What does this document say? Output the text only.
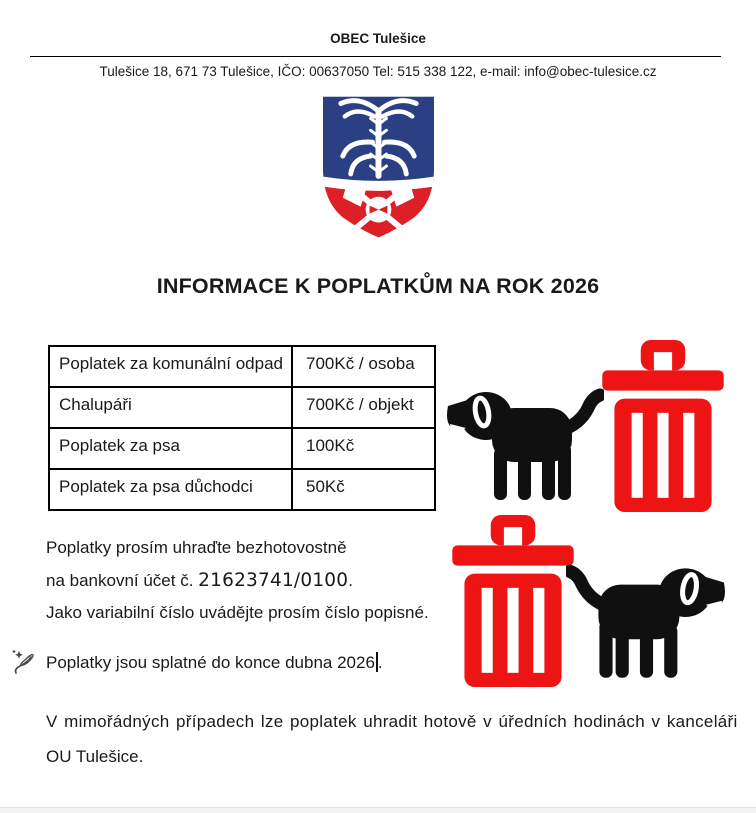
OBEC Tulešice
Tulešice 18, 671 73 Tulešice, IČO: 00637050 Tel: 515 338 122, e-mail: info@obec-tulesice.cz
INFORMACE K POPLATKŮM NA ROK 2026
Poplatek za komunální odpad	700Kč / osoba
Chalupáři	700Kč / objekt
Poplatek za psa	100Kč
Poplatek za psa důchodci	50Kč
Poplatky prosím uhraďte bezhotovostně
na bankovní účet č. 21623741/0100.
Jako variabilní číslo uvádějte prosím číslo popisné.
Poplatky jsou splatné do konce dubna 2026 .
V mimořádných případech lze poplatek uhradit hotově v úředních hodinách v kanceláři
OU Tulešice.
